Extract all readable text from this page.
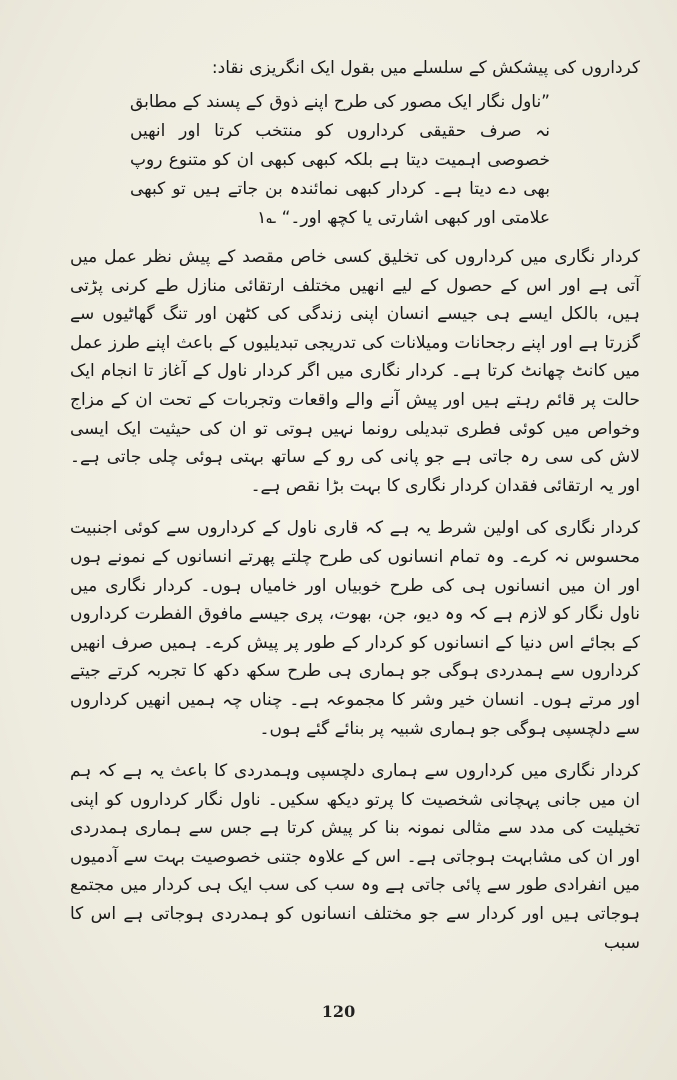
کرداروں کی پیشکش کے سلسلے میں بقول ایک انگریزی نقاد:

”ناول نگار ایک مصور کی طرح اپنے ذوق کے پسند کے مطابق نہ صرف حقیقی کرداروں کو منتخب کرتا اور انھیں خصوصی اہمیت دیتا ہے بلکہ کبھی کبھی ان کو متنوع روپ بھی دے دیتا ہے۔ کردار کبھی نمائندہ بن جاتے ہیں تو کبھی علامتی اور کبھی اشارتی یا کچھ اور۔“ ؎۱

کردار نگاری میں کرداروں کی تخلیق کسی خاص مقصد کے پیش نظر عمل میں آتی ہے اور اس کے حصول کے لیے انھیں مختلف ارتقائی منازل طے کرنی پڑتی ہیں، بالکل ایسے ہی جیسے انسان اپنی زندگی کی کٹھن اور تنگ گھاٹیوں سے گزرتا ہے اور اپنے رجحانات ومیلانات کی تدریجی تبدیلیوں کے باعث اپنے طرز عمل میں کانٹ چھانٹ کرتا ہے۔ کردار نگاری میں اگر کردار ناول کے آغاز تا انجام ایک حالت پر قائم رہتے ہیں اور پیش آنے والے واقعات وتجربات کے تحت ان کے مزاج وخواص میں کوئی فطری تبدیلی رونما نہیں ہوتی تو ان کی حیثیت ایک ایسی لاش کی سی رہ جاتی ہے جو پانی کی رو کے ساتھ بہتی ہوئی چلی جاتی ہے۔ اور یہ ارتقائی فقدان کردار نگاری کا بہت بڑا نقص ہے۔

کردار نگاری کی اولین شرط یہ ہے کہ قاری ناول کے کرداروں سے کوئی اجنبیت محسوس نہ کرے۔ وہ تمام انسانوں کی طرح چلتے پھرتے انسانوں کے نمونے ہوں اور ان میں انسانوں ہی کی طرح خوبیاں اور خامیاں ہوں۔ کردار نگاری میں ناول نگار کو لازم ہے کہ وہ دیو، جن، بھوت، پری جیسے مافوق الفطرت کرداروں کے بجائے اس دنیا کے انسانوں کو کردار کے طور پر پیش کرے۔ ہمیں صرف انھیں کرداروں سے ہمدردی ہوگی جو ہماری ہی طرح سکھ دکھ کا تجربہ کرتے جیتے اور مرتے ہوں۔ انسان خیر وشر کا مجموعہ ہے۔ چناں چہ ہمیں انھیں کرداروں سے دلچسپی ہوگی جو ہماری شبیہ پر بنائے گئے ہوں۔

کردار نگاری میں کرداروں سے ہماری دلچسپی وہمدردی کا باعث یہ ہے کہ ہم ان میں جانی پہچانی شخصیت کا پرتو دیکھ سکیں۔ ناول نگار کرداروں کو اپنی تخیلیت کی مدد سے مثالی نمونہ بنا کر پیش کرتا ہے جس سے ہماری ہمدردی اور ان کی مشابہت ہوجاتی ہے۔ اس کے علاوہ جتنی خصوصیت بہت سے آدمیوں میں انفرادی طور سے پائی جاتی ہے وہ سب کی سب ایک ہی کردار میں مجتمع ہوجاتی ہیں اور کردار سے جو مختلف انسانوں کو ہمدردی ہوجاتی ہے اس کا سبب

120
